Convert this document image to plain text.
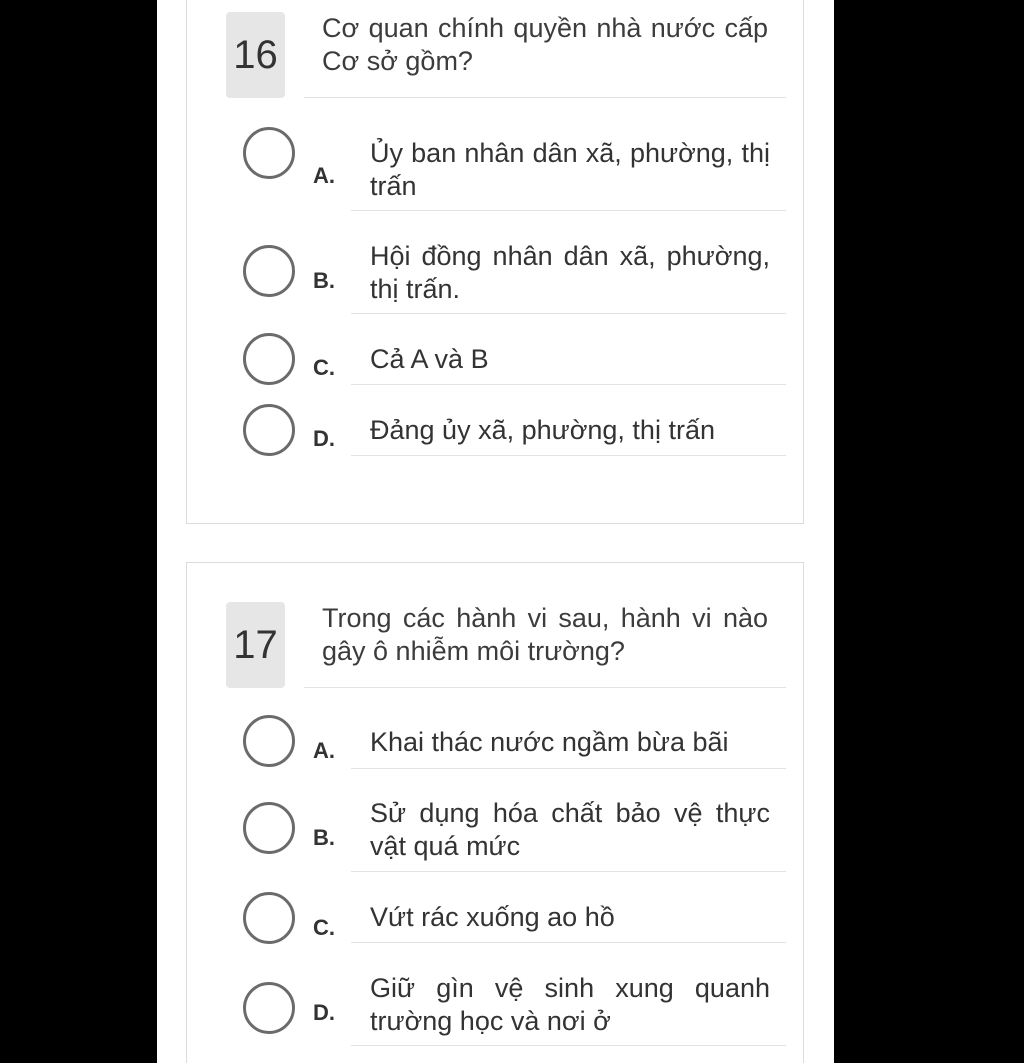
16
Cơ quan chính quyền nhà nước cấp Cơ sở gồm?
A.
Ủy ban nhân dân xã, phường, thị trấn
B.
Hội đồng nhân dân xã, phường, thị trấn.
C. Cả A và B
D. Đảng ủy xã, phường, thị trấn
17
Trong các hành vi sau, hành vi nào gây ô nhiễm môi trường?
A. Khai thác nước ngầm bừa bãi
B.
Sử dụng hóa chất bảo vệ thực vật quá mức
C. Vứt rác xuống ao hồ
D.
Giữ gìn vệ sinh xung quanh trường học và nơi ở
